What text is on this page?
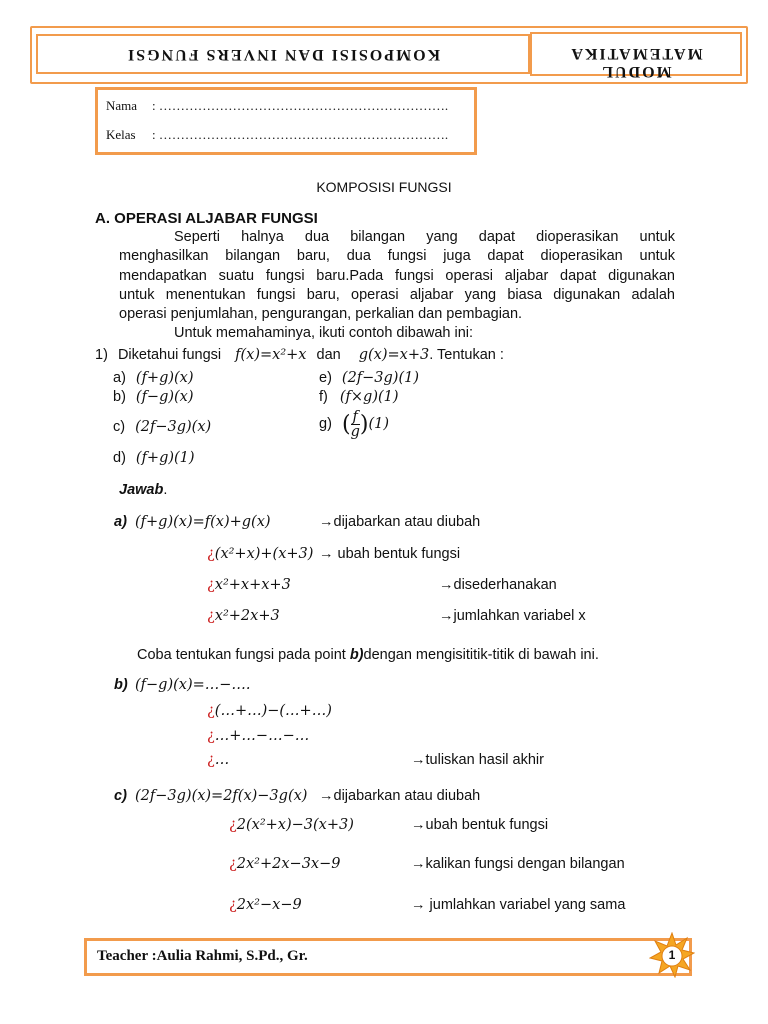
KOMPOSISI DAN INVERS FUNGSI
MODUL MATEMATIKA
Nama : ………………………………………………………….
Kelas : ………………………………………………………….
KOMPOSISI FUNGSI
A. OPERASI ALJABAR FUNGSI
Seperti halnya dua bilangan yang dapat dioperasikan untuk
menghasilkan bilangan baru, dua fungsi juga dapat dioperasikan untuk
mendapatkan suatu fungsi baru.Pada fungsi operasi aljabar dapat digunakan
untuk menentukan fungsi baru, operasi aljabar yang biasa digunakan adalah
operasi penjumlahan, pengurangan, perkalian dan pembagian.
Untuk memahaminya, ikuti contoh dibawah ini:
1) Diketahui fungsi f(x)=x²+x dan g(x)=x+3. Tentukan :
a) (f+g)(x)
b) (f−g)(x)
c) (2f−3g)(x)
d) (f+g)(1)
e) (2f−3g)(1)
f) (f×g)(1)
g) ( $\frac{f}{g} )(1)$
Jawab.
a) (f+g)(x)=f(x)+g(x)	→dijabarkan atau diubah
¿(x²+x)+(x+3) → ubah bentuk fungsi
¿x²+x+x+3	→disederhanakan
¿x²+2x+3	→jumlahkan variabel x
Coba tentukan fungsi pada point b)dengan mengisititik-titik di bawah ini.
b) (f−g)(x)=…−….
¿(…+…)−(…+…)
¿…+…−…−…
¿…	→tuliskan hasil akhir
c) (2f−3g)(x)=2f(x)−3g(x) →dijabarkan atau diubah
¿2(x²+x)−3(x+3)	→ubah bentuk fungsi
¿2x²+2x−3x−9	→kalikan fungsi dengan bilangan
¿2x²−x−9	→ jumlahkan variabel yang sama
Teacher :Aulia Rahmi, S.Pd., Gr.	1
